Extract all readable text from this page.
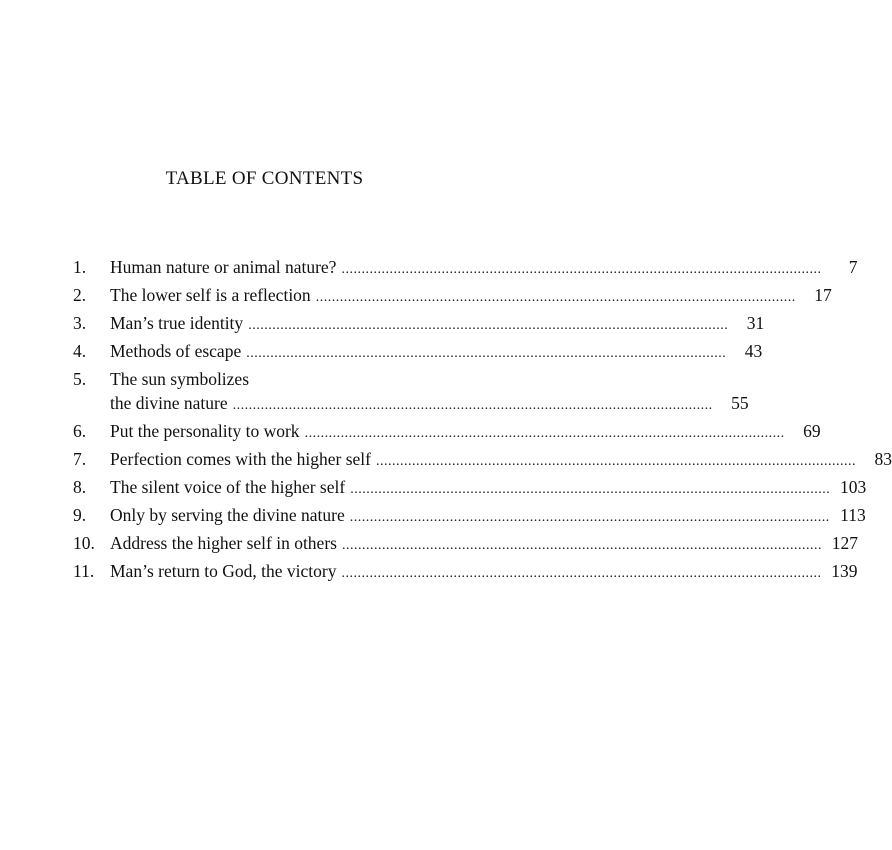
TABLE OF CONTENTS
1. Human nature or animal nature? ........................................................................................................................	7
2. The lower self is a reflection ........................................................................................................................	17
3. Man’s true identity ........................................................................................................................	31
4. Methods of escape ........................................................................................................................	43
5. The sun symbolizes
the divine nature ........................................................................................................................	55
6. Put the personality to work ........................................................................................................................	69
7. Perfection comes with the higher self ........................................................................................................................	83
8. The silent voice of the higher self ........................................................................................................................ 103
9. Only by serving the divine nature ........................................................................................................................ 113
10. Address the higher self in others ........................................................................................................................ 127
11. Man’s return to God, the victory ........................................................................................................................ 139
